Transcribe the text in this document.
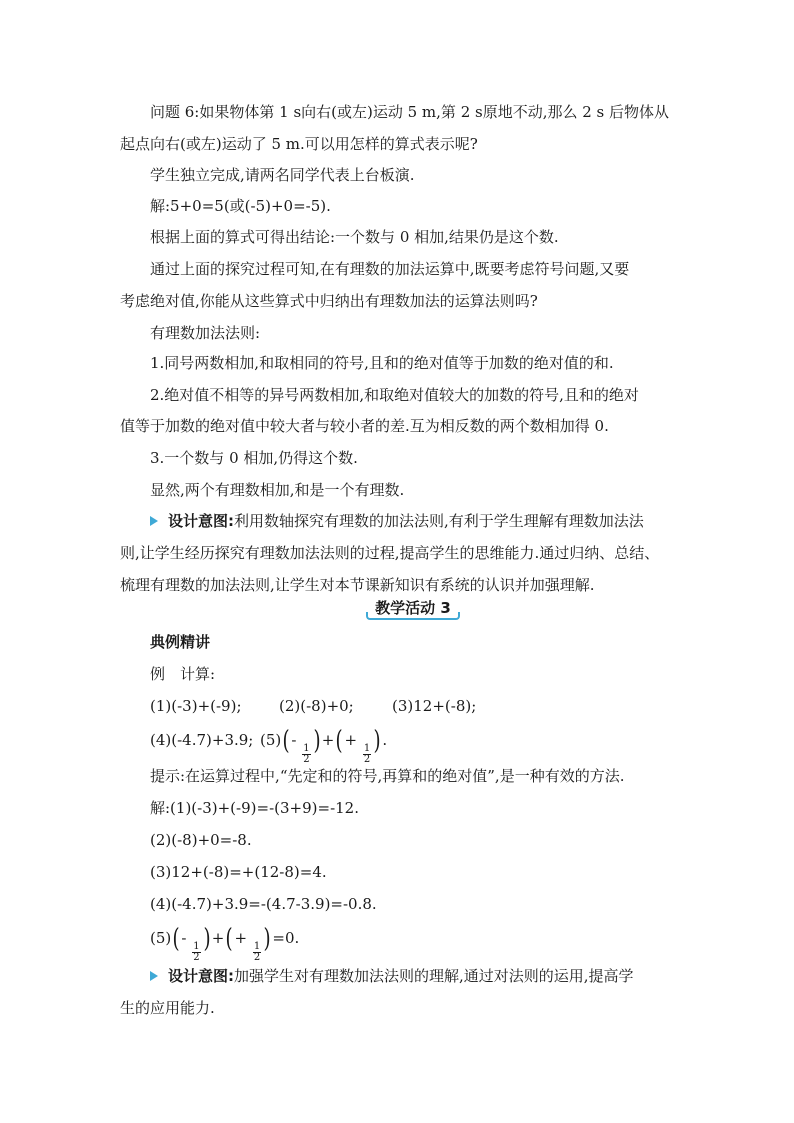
问题 6:如果物体第 1 s向右(或左)运动 5 m,第 2 s原地不动,那么 2 s 后物体从
起点向右(或左)运动了 5 m.可以用怎样的算式表示呢?
学生独立完成,请两名同学代表上台板演.
解:5+0=5(或(-5)+0=-5).
根据上面的算式可得出结论:一个数与 0 相加,结果仍是这个数.
通过上面的探究过程可知,在有理数的加法运算中,既要考虑符号问题,又要
考虑绝对值,你能从这些算式中归纳出有理数加法的运算法则吗?
有理数加法法则:
1.同号两数相加,和取相同的符号,且和的绝对值等于加数的绝对值的和.
2.绝对值不相等的异号两数相加,和取绝对值较大的加数的符号,且和的绝对
值等于加数的绝对值中较大者与较小者的差.互为相反数的两个数相加得 0.
3.一个数与 0 相加,仍得这个数.
显然,两个有理数相加,和是一个有理数.
设计意图:利用数轴探究有理数的加法法则,有利于学生理解有理数加法法
则,让学生经历探究有理数加法法则的过程,提高学生的思维能力.通过归纳、总结、
梳理有理数的加法法则,让学生对本节课新知识有系统的认识并加强理解.
教学活动 3
典例精讲
例　计算:
(1)(-3)+(-9); (2)(-8)+0;	(3)12+(-8);
(4)(-4.7)+3.9; (5)( -
$\frac{1}{2}$ ) +( +
$\frac{1}{2}$ ) .
提示:在运算过程中,“先定和的符号,再算和的绝对值”,是一种有效的方法.
解:(1)(-3)+(-9)=-(3+9)=-12.
(2)(-8)+0=-8.
(3)12+(-8)=+(12-8)=4.
(4)(-4.7)+3.9=-(4.7-3.9)=-0.8.
(5)( -
$\frac{1}{2}$ ) +( +
$\frac{1}{2}$ ) =0.
设计意图:加强学生对有理数加法法则的理解,通过对法则的运用,提高学
生的应用能力.
